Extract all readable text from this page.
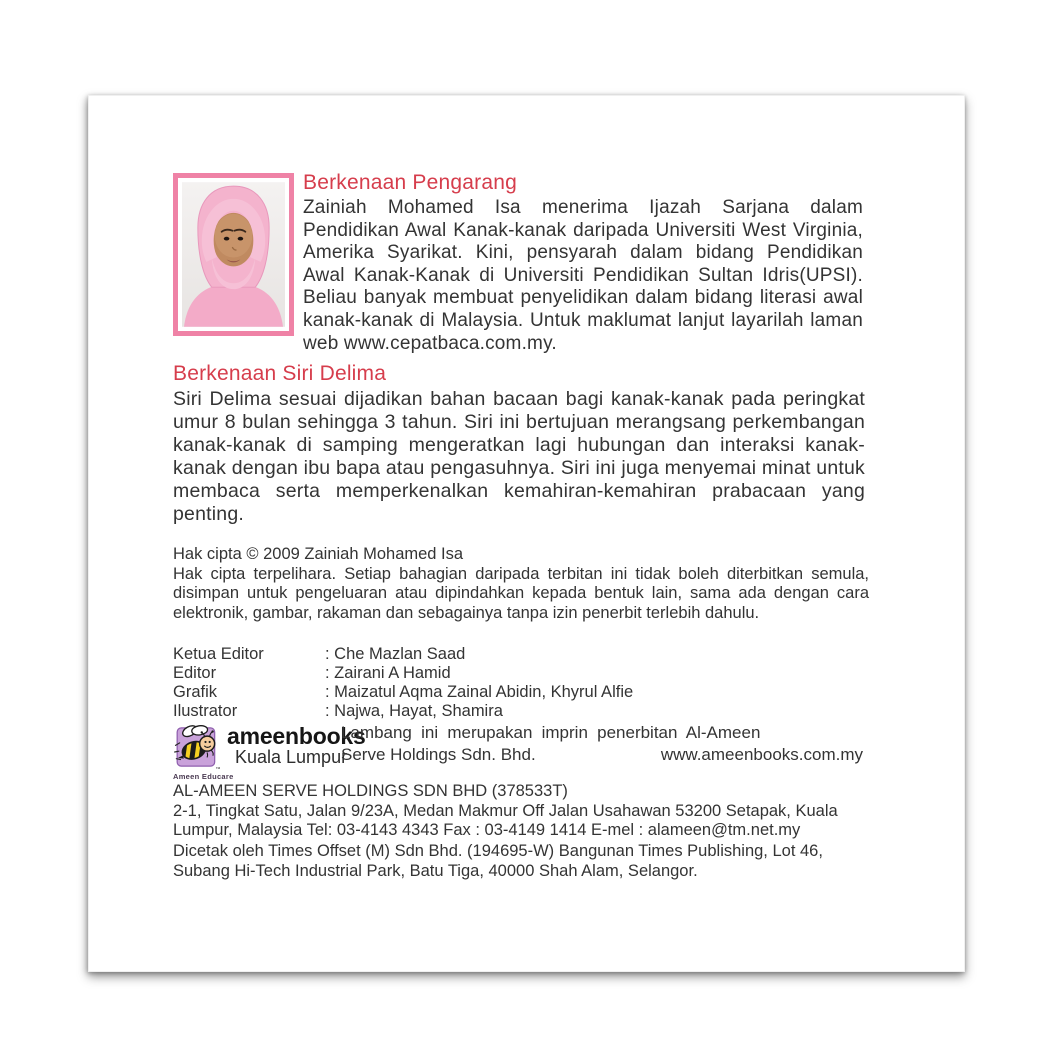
Berkenaan Pengarang
Zainiah Mohamed Isa menerima Ijazah Sarjana dalam Pendidikan Awal Kanak-kanak daripada Universiti West Virginia, Amerika Syarikat. Kini, pensyarah dalam bidang Pendidikan Awal Kanak-Kanak di Universiti Pendidikan Sultan Idris(UPSI). Beliau banyak membuat penyelidikan dalam bidang literasi awal kanak-kanak di Malaysia. Untuk maklumat lanjut layarilah laman web www.cepatbaca.com.my.
Berkenaan Siri Delima
Siri Delima sesuai dijadikan bahan bacaan bagi kanak-kanak pada peringkat umur 8 bulan sehingga 3 tahun. Siri ini bertujuan merangsang perkembangan kanak-kanak di samping mengeratkan lagi hubungan dan interaksi kanak-kanak dengan ibu bapa atau pengasuhnya. Siri ini juga menyemai minat untuk membaca serta memperkenalkan kemahiran-kemahiran prabacaan yang penting.
Hak cipta © 2009 Zainiah Mohamed Isa
Hak cipta terpelihara. Setiap bahagian daripada terbitan ini tidak boleh diterbitkan semula, disimpan untuk pengeluaran atau dipindahkan kepada bentuk lain, sama ada dengan cara elektronik, gambar, rakaman dan sebagainya tanpa izin penerbit terlebih dahulu.
Ketua Editor	: Che Mazlan Saad
Editor	: Zairani A Hamid
Grafik	: Maizatul Aqma Zainal Abidin, Khyrul Alfie
Ilustrator	: Najwa, Hayat, Shamira
™
ameenbooks
Kuala Lumpur
Ameen Educare
Lambang ini merupakan imprin penerbitan Al-Ameen
Serve Holdings Sdn. Bhd.	www.ameenbooks.com.my
AL-AMEEN SERVE HOLDINGS SDN BHD (378533T)
2-1, Tingkat Satu, Jalan 9/23A, Medan Makmur Off Jalan Usahawan 53200 Setapak, Kuala Lumpur, Malaysia Tel: 03-4143 4343 Fax : 03-4149 1414 E-mel : alameen@tm.net.my
Dicetak oleh Times Offset (M) Sdn Bhd. (194695-W) Bangunan Times Publishing, Lot 46, Subang Hi-Tech Industrial Park, Batu Tiga, 40000 Shah Alam, Selangor.
